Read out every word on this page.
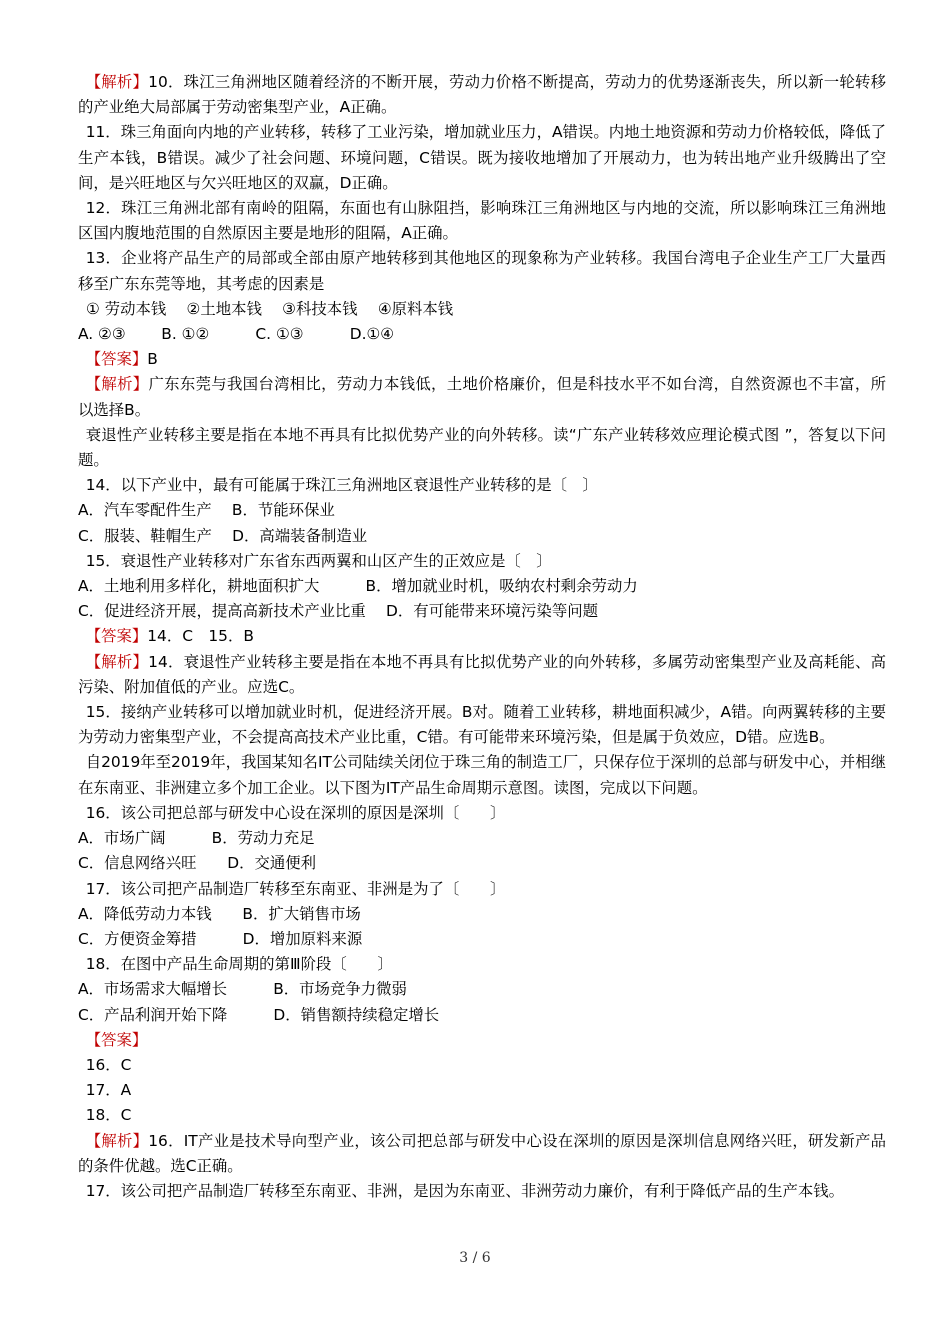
【解析】10．珠江三角洲地区随着经济的不断开展，劳动力价格不断提高，劳动力的优势逐渐丧失，所以新一轮转移的产业绝大局部属于劳动密集型产业，A正确。

11．珠三角面向内地的产业转移，转移了工业污染，增加就业压力，A错误。内地土地资源和劳动力价格较低，降低了生产本钱，B错误。减少了社会问题、环境问题，C错误。既为接收地增加了开展动力，也为转出地产业升级腾出了空间，是兴旺地区与欠兴旺地区的双赢，D正确。

12．珠江三角洲北部有南岭的阻隔，东面也有山脉阻挡，影响珠江三角洲地区与内地的交流，所以影响珠江三角洲地区国内腹地范围的自然原因主要是地形的阻隔，A正确。

13．企业将产品生产的局部或全部由原产地转移到其他地区的现象称为产业转移。我国台湾电子企业生产工厂大量西移至广东东莞等地，其考虑的因素是

① 劳动本钱　 ②土地本钱　 ③科技本钱　 ④原料本钱

A. ②③　　 B. ①②　　　C. ①③　　　D.①④

【答案】B

【解析】广东东莞与我国台湾相比，劳动力本钱低，土地价格廉价，但是科技水平不如台湾，自然资源也不丰富，所以选择B。

衰退性产业转移主要是指在本地不再具有比拟优势产业的向外转移。读“广东产业转移效应理论模式图 ”，答复以下问题。

14．以下产业中，最有可能属于珠江三角洲地区衰退性产业转移的是〔　〕

A．汽车零配件生产　 B．节能环保业

C．服装、鞋帽生产　 D．高端装备制造业

15．衰退性产业转移对广东省东西两翼和山区产生的正效应是〔　〕

A．土地利用多样化，耕地面积扩大　　　B．增加就业时机，吸纳农村剩余劳动力

C．促进经济开展，提高高新技术产业比重　 D．有可能带来环境污染等问题

【答案】14．C　15．B

【解析】14．衰退性产业转移主要是指在本地不再具有比拟优势产业的向外转移，多属劳动密集型产业及高耗能、高污染、附加值低的产业。应选C。

15．接纳产业转移可以增加就业时机，促进经济开展。B对。随着工业转移，耕地面积减少，A错。向两翼转移的主要为劳动力密集型产业，不会提高高技术产业比重，C错。有可能带来环境污染，但是属于负效应，D错。应选B。

自2019年至2019年，我国某知名IT公司陆续关闭位于珠三角的制造工厂，只保存位于深圳的总部与研发中心，并相继在东南亚、非洲建立多个加工企业。以下图为IT产品生命周期示意图。读图，完成以下问题。

16．该公司把总部与研发中心设在深圳的原因是深圳〔　　〕

A．市场广阔　　　B．劳动力充足

C．信息网络兴旺　　D．交通便利

17．该公司把产品制造厂转移至东南亚、非洲是为了〔　　〕

A．降低劳动力本钱　　B．扩大销售市场

C．方便资金筹措　　　D．增加原料来源

18．在图中产品生命周期的第Ⅲ阶段〔　　〕

A．市场需求大幅增长　　　B．市场竞争力微弱

C．产品利润开始下降　　　D．销售额持续稳定增长

【答案】

16．C

17．A

18．C

【解析】16．IT产业是技术导向型产业，该公司把总部与研发中心设在深圳的原因是深圳信息网络兴旺，研发新产品的条件优越。选C正确。

17．该公司把产品制造厂转移至东南亚、非洲，是因为东南亚、非洲劳动力廉价，有利于降低产品的生产本钱。

3 / 6
